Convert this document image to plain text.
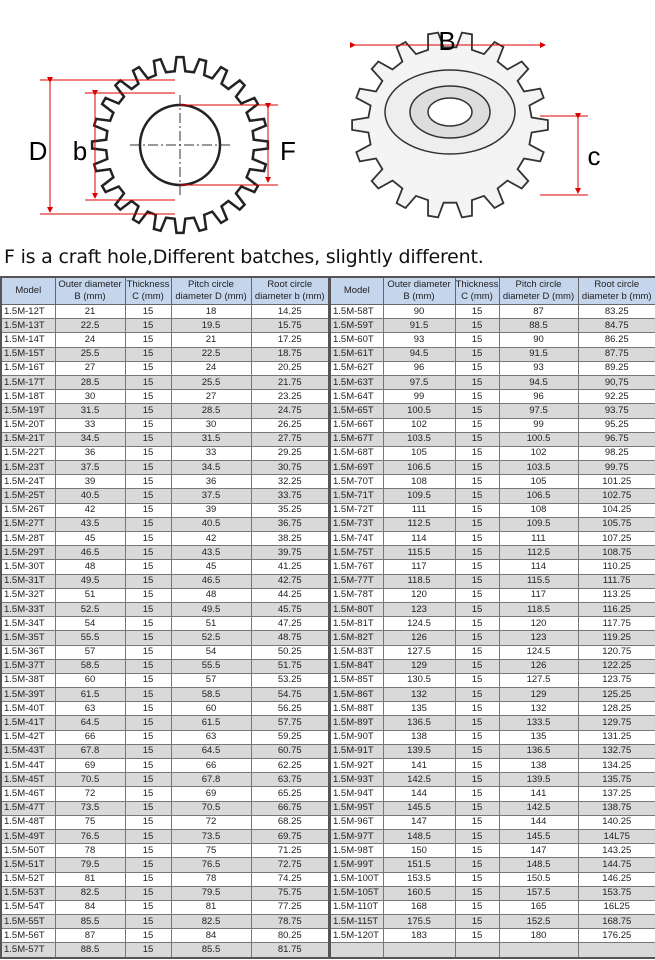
D b	F
B
c
F is a craft hole,Different batches, slightly different.
Model	Outer diameter B (mm)	Thickness C (mm)	Pitch circle diameter D (mm)	Root circle diameter b (mm)
1.5M-12T	21	15	18	14.25
1.5M-13T	22.5	15	19.5	15.75
1.5M-14T	24	15	21	17.25
1.5M-15T	25.5	15	22.5	18.75
1.5M-16T	27	15	24	20.25
1.5M-17T	28.5	15	25.5	21.75
1.5M-18T	30	15	27	23.25
1.5M-19T	31.5	15	28.5	24.75
1.5M-20T	33	15	30	26.25
1.5M-21T	34.5	15	31.5	27.75
1.5M-22T	36	15	33	29.25
1.5M-23T	37.5	15	34.5	30.75
1.5M-24T	39	15	36	32.25
1.5M-25T	40.5	15	37.5	33.75
1.5M-26T	42	15	39	35.25
1.5M-27T	43.5	15	40.5	36.75
1.5M-28T	45	15	42	38.25
1.5M-29T	46.5	15	43.5	39.75
1.5M-30T	48	15	45	41.25
1.5M-31T	49.5	15	46.5	42.75
1.5M-32T	51	15	48	44.25
1.5M-33T	52.5	15	49.5	45.75
1.5M-34T	54	15	51	47.25
1.5M-35T	55.5	15	52.5	48.75
1.5M-36T	57	15	54	50.25
1.5M-37T	58.5	15	55.5	51.75
1.5M-38T	60	15	57	53.25
1.5M-39T	61.5	15	58.5	54.75
1.5M-40T	63	15	60	56.25
1.5M-41T	64.5	15	61.5	57.75
1.5M-42T	66	15	63	59.25
1.5M-43T	67.8	15	64.5	60.75
1.5M-44T	69	15	66	62.25
1.5M-45T	70.5	15	67.8	63.75
1.5M-46T	72	15	69	65.25
1.5M-47T	73.5	15	70.5	66.75
1.5M-48T	75	15	72	68.25
1.5M-49T	76.5	15	73.5	69.75
1.5M-50T	78	15	75	71.25
1.5M-51T	79.5	15	76.5	72.75
1.5M-52T	81	15	78	74.25
1.5M-53T	82.5	15	79.5	75.75
1.5M-54T	84	15	81	77.25
1.5M-55T	85.5	15	82.5	78.75
1.5M-56T	87	15	84	80.25
1.5M-57T	88.5	15	85.5	81.75
Model	Outer diameter B (mm)	Thickness C (mm)	Pitch circle diameter D (mm)	Root circle diameter b (mm)
1.5M-58T	90	15	87	83.25
1.5M-59T	91.5	15	88.5	84.75
1.5M-60T	93	15	90	86.25
1.5M-61T	94.5	15	91.5	87.75
1.5M-62T	96	15	93	89.25
1.5M-63T	97.5	15	94.5	90,75
1.5M-64T	99	15	96	92.25
1.5M-65T	100.5	15	97.5	93.75
1.5M-66T	102	15	99	95.25
1.5M-67T	103.5	15	100.5	96.75
1.5M-68T	105	15	102	98.25
1.5M-69T	106.5	15	103.5	99.75
1.5M-70T	108	15	105	101.25
1.5M-71T	109.5	15	106.5	102.75
1.5M-72T	111	15	108	104.25
1.5M-73T	112.5	15	109.5	105.75
1.5M-74T	114	15	111	107.25
1.5M-75T	115.5	15	112.5	108.75
1.5M-76T	117	15	114	110.25
1.5M-77T	118.5	15	115.5	111.75
1.5M-78T	120	15	117	113.25
1.5M-80T	123	15	118.5	116.25
1.5M-81T	124.5	15	120	117.75
1.5M-82T	126	15	123	119.25
1.5M-83T	127.5	15	124.5	120.75
1.5M-84T	129	15	126	122.25
1.5M-85T	130.5	15	127.5	123.75
1.5M-86T	132	15	129	125.25
1.5M-88T	135	15	132	128.25
1.5M-89T	136.5	15	133.5	129.75
1.5M-90T	138	15	135	131.25
1.5M-91T	139.5	15	136.5	132.75
1.5M-92T	141	15	138	134.25
1.5M-93T	142.5	15	139.5	135.75
1.5M-94T	144	15	141	137.25
1.5M-95T	145.5	15	142.5	138.75
1.5M-96T	147	15	144	140.25
1.5M-97T	148.5	15	145.5	14L75
1.5M-98T	150	15	147	143.25
1.5M-99T	151.5	15	148.5	144.75
1.5M-100T	153.5	15	150.5	146.25
1.5M-105T	160.5	15	157.5	153.75
1.5M-110T	168	15	165	16L25
1.5M-115T	175.5	15	152.5	168.75
1.5M-120T	183	15	180	176.25
